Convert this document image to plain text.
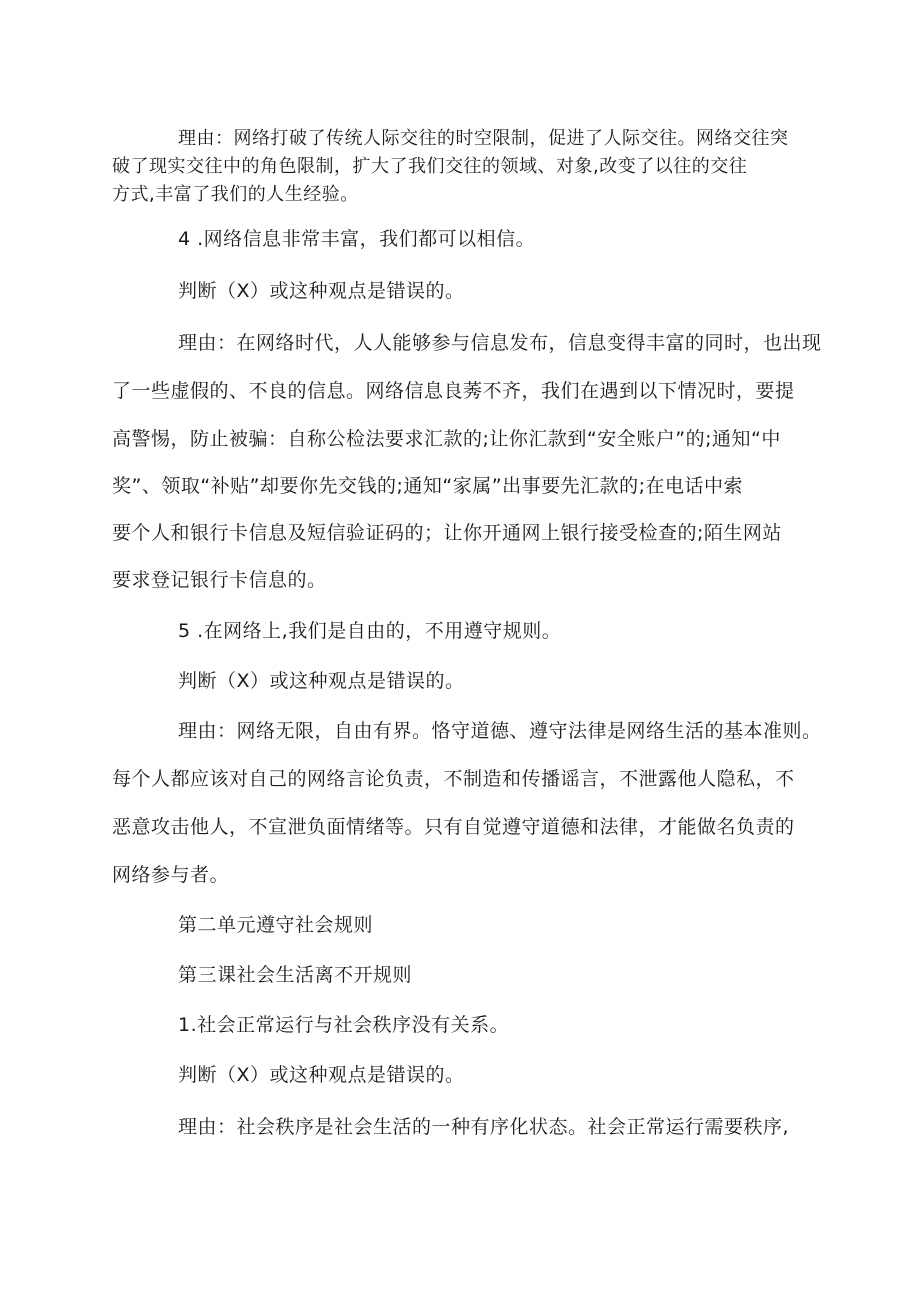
理由：网络打破了传统人际交往的时空限制，促进了人际交往。网络交往突
破了现实交往中的角色限制，扩大了我们交往的领域、对象,改变了以往的交往
方式,丰富了我们的人生经验。
4 .网络信息非常丰富，我们都可以相信。
判断（X）或这种观点是错误的。
理由：在网络时代，人人能够参与信息发布，信息变得丰富的同时，也出现
了一些虚假的、不良的信息。网络信息良莠不齐，我们在遇到以下情况时，要提
高警惕，防止被骗：自称公检法要求汇款的;让你汇款到“安全账户”的;通知“中
奖”、领取“补贴”却要你先交钱的;通知“家属”出事要先汇款的;在电话中索
要个人和银行卡信息及短信验证码的；让你开通网上银行接受检查的;陌生网站
要求登记银行卡信息的。
5 .在网络上,我们是自由的，不用遵守规则。
判断（X）或这种观点是错误的。
理由：网络无限，自由有界。恪守道德、遵守法律是网络生活的基本准则。
每个人都应该对自己的网络言论负责，不制造和传播谣言，不泄露他人隐私，不
恶意攻击他人，不宣泄负面情绪等。只有自觉遵守道德和法律，才能做名负责的
网络参与者。
第二单元遵守社会规则
第三课社会生活离不开规则
1.社会正常运行与社会秩序没有关系。
判断（X）或这种观点是错误的。
理由：社会秩序是社会生活的一种有序化状态。社会正常运行需要秩序,
